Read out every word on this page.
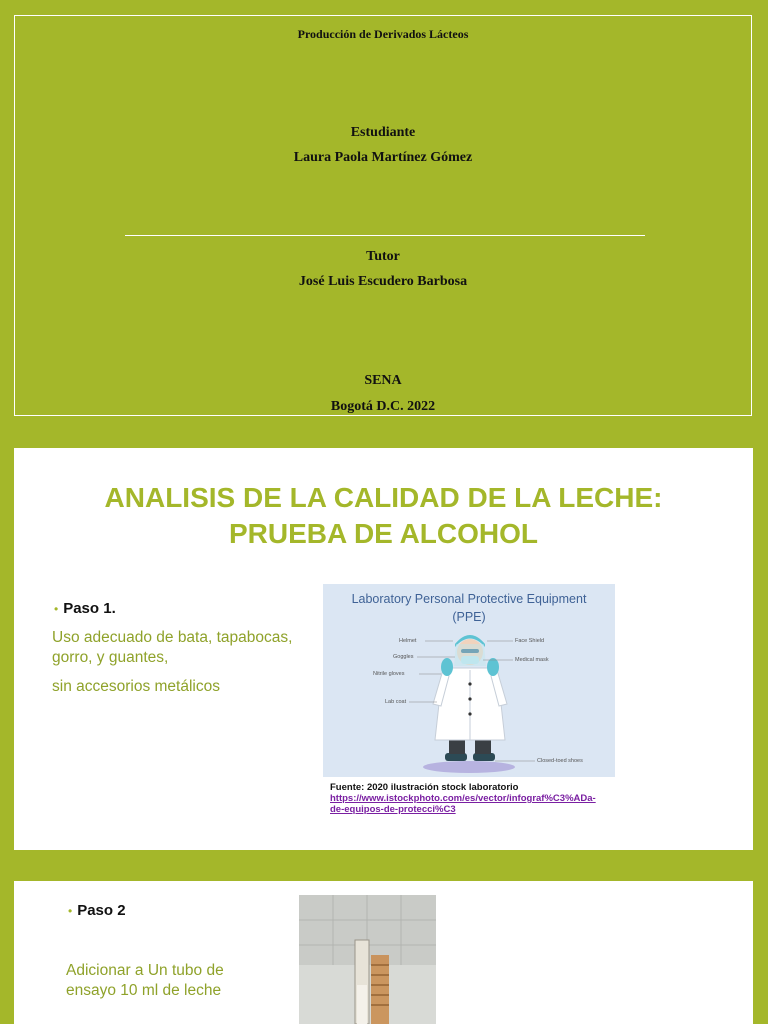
Producción de Derivados Lácteos
Estudiante
Laura Paola Martínez Gómez
Tutor
José Luis Escudero Barbosa
SENA
Bogotá D.C. 2022
ANALISIS DE LA CALIDAD DE LA LECHE:
PRUEBA DE ALCOHOL
• Paso 1.
Uso adecuado de bata, tapabocas, gorro, y guantes,
sin accesorios metálicos
Laboratory Personal Protective Equipment
(PPE)
Helmet
Goggles
Nitrile gloves
Lab coat
Face Shield
Medical mask
Closed-toed shoes
Fuente: 2020 ilustración stock laboratorio
https://www.istockphoto.com/es/vector/infograf%C3%ADa-
de-equipos-de-protecci%C3
• Paso 2
Adicionar a Un tubo de ensayo 10 ml de leche
